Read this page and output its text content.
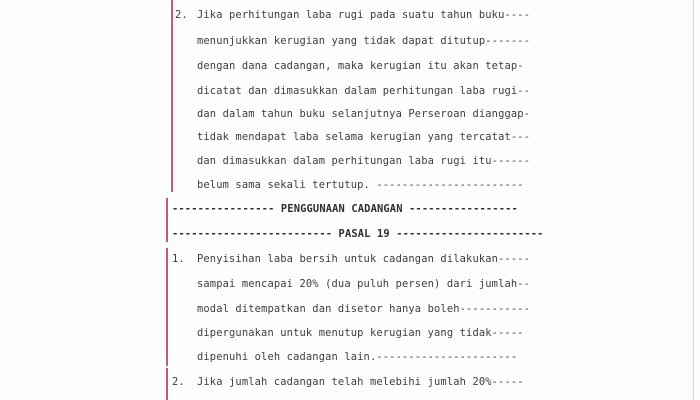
2. Jika perhitungan laba rugi pada suatu tahun buku----
menunjukkan kerugian yang tidak dapat ditutup-------
dengan dana cadangan, maka kerugian itu akan tetap-
dicatat dan dimasukkan dalam perhitungan laba rugi--
dan dalam tahun buku selanjutnya Perseroan dianggap-
tidak mendapat laba selama kerugian yang tercatat---
dan dimasukkan dalam perhitungan laba rugi itu------
belum sama sekali tertutup. -----------------------
---------------- PENGGUNAAN CADANGAN -----------------
------------------------- PASAL 19 -----------------------
1. Penyisihan laba bersih untuk cadangan dilakukan-----
sampai mencapai 20% (dua puluh persen) dari jumlah--
modal ditempatkan dan disetor hanya boleh-----------
dipergunakan untuk menutup kerugian yang tidak-----
dipenuhi oleh cadangan lain.----------------------
2. Jika jumlah cadangan telah melebihi jumlah 20%-----
